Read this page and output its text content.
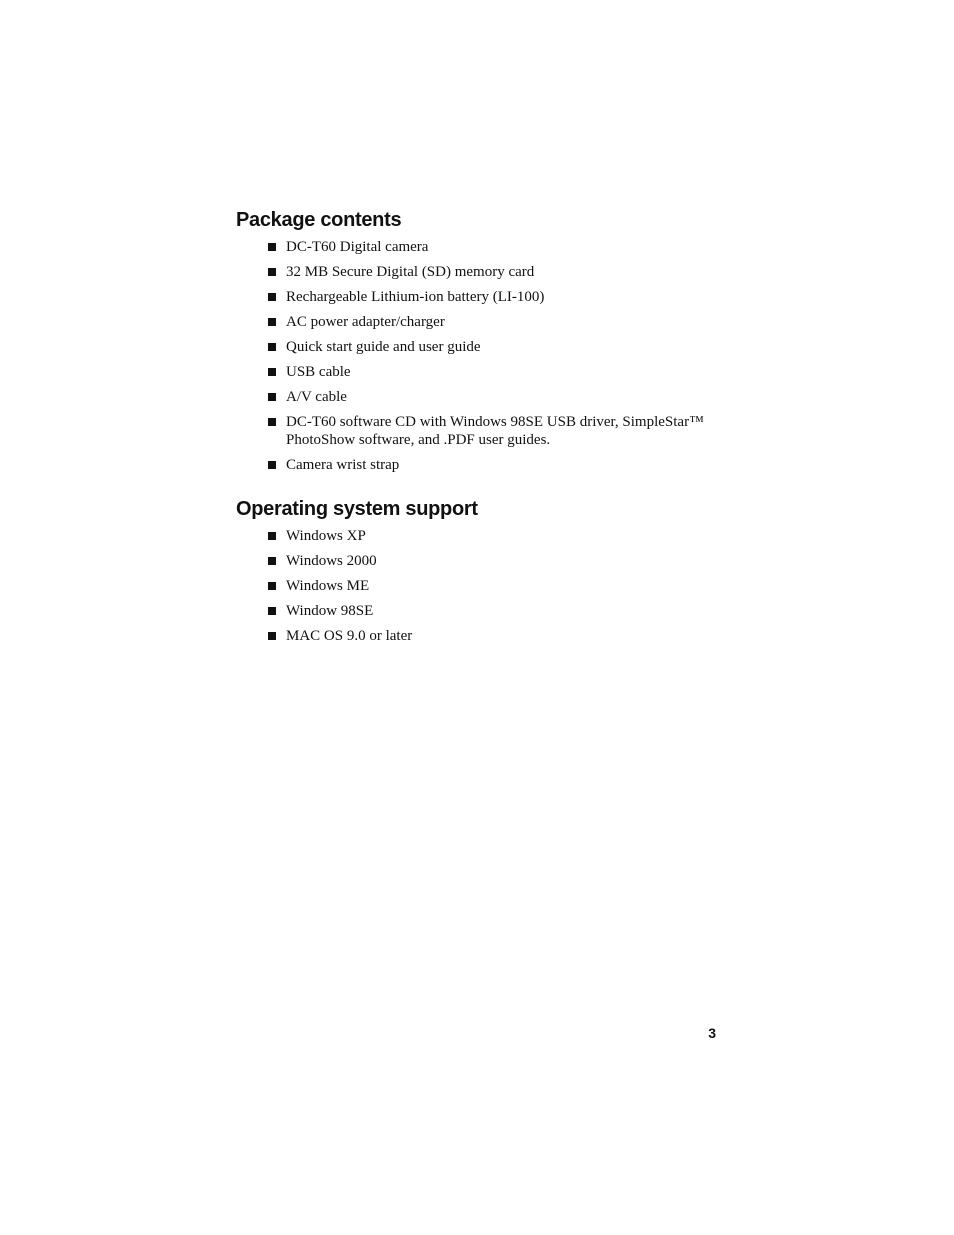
Package contents
DC-T60 Digital camera
32 MB Secure Digital (SD) memory card
Rechargeable Lithium-ion battery (LI-100)
AC power adapter/charger
Quick start guide and user guide
USB cable
A/V cable
DC-T60 software CD with Windows 98SE USB driver, SimpleStar™ PhotoShow software, and .PDF user guides.
Camera wrist strap
Operating system support
Windows XP
Windows 2000
Windows ME
Window 98SE
MAC OS 9.0 or later
3
